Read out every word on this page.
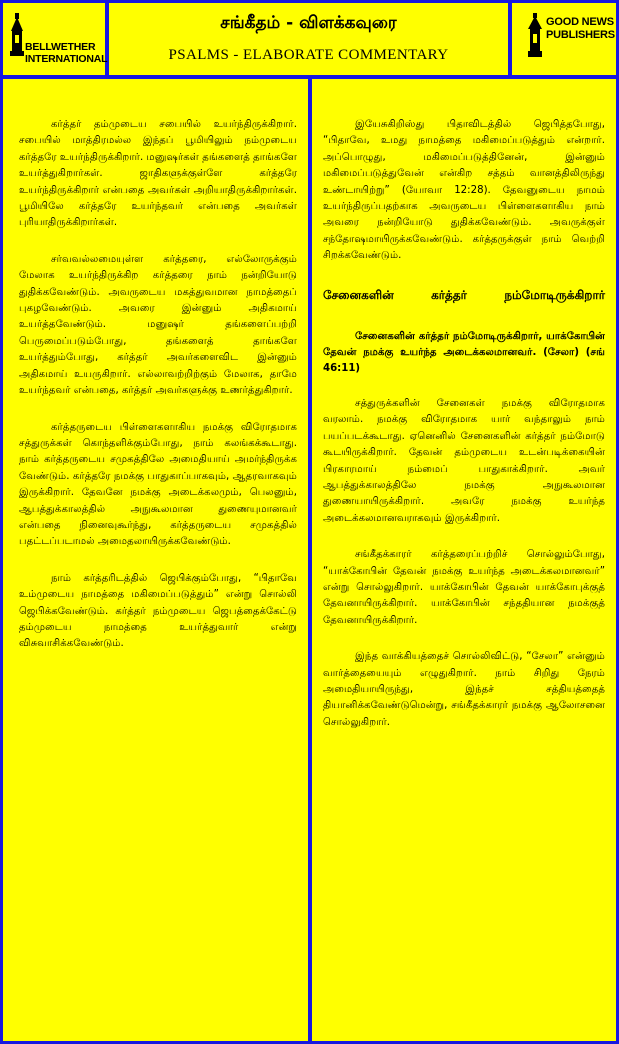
BELLWETHER
INTERNATIONAL
சங்கீதம் - விளக்கவுரை
PSALMS - ELABORATE COMMENTARY
GOOD NEWS
PUBLISHERS

கர்த்தர் தம்முடைய சபையில் உயர்ந்திருக்கிறார். சபையில் மாத்திரமல்ல இந்தப் பூமியிலும் நம்முடைய கர்த்தரே உயர்ந்திருக்கிறார். மனுஷர்கள் தங்களைத் தாங்களே உயர்த்துகிறார்கள். ஜாதிகளுக்குள்ளே கர்த்தரே உயர்ந்திருக்கிறார் என்பதை அவர்கள் அறியாதிருக்கிறார்கள். பூமியிலே கர்த்தரே உயர்ந்தவர் என்பதை அவர்கள் புரியாதிருக்கிறார்கள்.

சர்வவல்லமையுள்ள கர்த்தரை, எல்லோருக்கும் மேலாக உயர்ந்திருக்கிற கர்த்தரை நாம் நன்றியோடு துதிக்கவேண்டும். அவருடைய மகத்துவமான நாமத்தைப் புகழவேண்டும். அவரை இன்னும் அதிகமாய் உயர்த்தவேண்டும். மனுஷர் தங்களைப்பற்றி பெருமைப்படும்போது, தங்களைத் தாங்களே உயர்த்தும்போது, கர்த்தர் அவர்களைவிட இன்னும் அதிகமாய் உயருகிறார். எல்லாவற்றிற்கும் மேலாக, தாமே உயர்ந்தவர் என்பதை, கர்த்தர் அவர்களுக்கு உணர்த்துகிறார்.

கர்த்தருடைய பிள்ளைகளாகிய நமக்கு விரோதமாக சத்துருக்கள் கொந்தளிக்கும்போது, நாம் கலங்கக்கூடாது. நாம் கர்த்தருடைய சமுகத்திலே அமைதியாய் அமர்ந்திருக்க வேண்டும். கர்த்தரே நமக்கு பாதுகாப்பாகவும், ஆதரவாகவும் இருக்கிறார். தேவனே நமக்கு அடைக்கலமும், பெலனும், ஆபத்துக்காலத்தில் அநுகூலமான துணையுமானவர் என்பதை நினைவுகூர்ந்து, கர்த்தருடைய சமுகத்தில் பதட்டப்படாமல் அமைதலாயிருக்கவேண்டும்.

நாம் கர்த்தரிடத்தில் ஜெபிக்கும்போது, “பிதாவே உம்முடைய நாமத்தை மகிமைப்படுத்தும்” என்று சொல்லி ஜெபிக்கவேண்டும். கர்த்தர் நம்முடைய ஜெபத்தைக்கேட்டு தம்முடைய நாமத்தை உயர்த்துவார் என்று விசுவாசிக்கவேண்டும்.

இயேசுகிறிஸ்து பிதாவிடத்தில் ஜெபித்தபோது, “பிதாவே, உமது நாமத்தை மகிமைப்படுத்தும் என்றார். அப்பொழுது, மகிமைப்படுத்தினேன், இன்னும் மகிமைப்படுத்துவேன் என்கிற சத்தம் வானத்திலிருந்து உண்டாயிற்று” (யோவா 12:28). தேவனுடைய நாமம் உயர்ந்திருப்பதற்காக அவருடைய பிள்ளைகளாகிய நாம் அவரை நன்றியோடு துதிக்கவேண்டும். அவருக்குள் சந்தோஷமாயிருக்கவேண்டும். கர்த்தருக்குள் நாம் வெற்றி சிறக்கவேண்டும்.

சேனைகளின் கர்த்தர் நம்மோடிருக்கிறார்

சேனைகளின் கர்த்தர் நம்மோடிருக்கிறார், யாக்கோபின் தேவன் நமக்கு உயர்ந்த அடைக்கலமானவர். (சேலா) (சங் 46:11)

சத்துருக்களின் சேனைகள் நமக்கு விரோதமாக வரலாம். நமக்கு விரோதமாக யார் வந்தாலும் நாம் பயப்படக்கூடாது. ஏனெனில் சேனைகளின் கர்த்தர் நம்மோடு கூடயிருக்கிறார். தேவன் தம்முடைய உடன்படிக்கையின் பிரகாரமாய் நம்மைப் பாதுகாக்கிறார். அவர் ஆபத்துக்காலத்திலே நமக்கு அநுகூலமான துணையாயிருக்கிறார். அவரே நமக்கு உயர்ந்த அடைக்கலமானவராகவும் இருக்கிறார்.

சங்கீதக்காரர் கர்த்தரைப்பற்றிச் சொல்லும்போது, “யாக்கோபின் தேவன் நமக்கு உயர்ந்த அடைக்கலமானவர்” என்று சொல்லுகிறார். யாக்கோபின் தேவன் யாக்கோபுக்குத் தேவனாயிருக்கிறார். யாக்கோபின் சந்ததியான நமக்குத் தேவனாயிருக்கிறார்.

இந்த வாக்கியத்தைச் சொல்லிவிட்டு, “சேலா” என்னும் வார்த்தையையும் எழுதுகிறார். நாம் சிறிது நேரம் அமைதியாயிருந்து, இந்தச் சத்தியத்தைத் தியானிக்கவேண்டுமென்று, சங்கீதக்காரர் நமக்கு ஆலோசனை சொல்லுகிறார்.
